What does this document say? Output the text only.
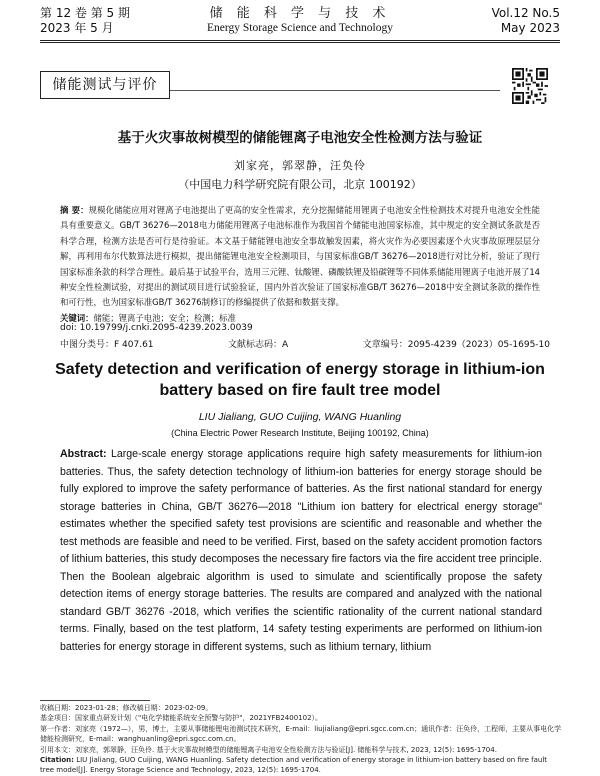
第 12 卷 第 5 期
2023 年 5 月
储 能 科 学 与 技 术
Energy Storage Science and Technology
Vol.12 No.5
May 2023
储能测试与评价
基于火灾事故树模型的储能锂离子电池安全性检测方法与验证
刘家亮，郭翠静，汪奂伶
（中国电力科学研究院有限公司，北京 100192）
摘 要：规模化储能应用对锂离子电池提出了更高的安全性需求，充分挖掘储能用锂离子电池安全性检测技术对提升电池安全性能具有重要意义。GB/T 36276—2018电力储能用锂离子电池标准作为我国首个储能电池国家标准，其中规定的安全测试条款是否科学合理，检测方法是否可行是待验证。本文基于储能锂电池安全事故触发因素，将火灾作为必要因素逐个火灾事故原理层层分解，再利用布尔代数算法进行模拟，提出储能锂电池安全检测项目，与国家标准GB/T 36276—2018进行对比分析，验证了现行国家标准条款的科学合理性。最后基于试验平台，选用三元锂、钛酸锂、磷酸铁锂及铅碳锂等不同体系储能用锂离子电池开展了14种安全性检测试验，对提出的测试项目进行试验验证，国内外首次验证了国家标准GB/T 36276—2018中安全测试条款的操作性和可行性，也为国家标准GB/T 36276制修订的修编提供了依据和数据支撑。
关键词：储能；锂离子电池；安全；检测；标准
doi: 10.19799/j.cnki.2095-4239.2023.0039
中图分类号：F 407.61	文献标志码：A	文章编号：2095-4239（2023）05-1695-10
Safety detection and verification of energy storage in lithium-ion battery based on fire fault tree model
LIU Jialiang, GUO Cuijing, WANG Huanling
(China Electric Power Research Institute, Beijing 100192, China)
Abstract: Large-scale energy storage applications require high safety measurements for lithium-ion batteries. Thus, the safety detection technology of lithium-ion batteries for energy storage should be fully explored to improve the safety performance of batteries. As the first national standard for energy storage batteries in China, GB/T 36276—2018 "Lithium ion battery for electrical energy storage" estimates whether the specified safety test provisions are scientific and reasonable and whether the test methods are feasible and need to be verified. First, based on the safety accident promotion factors of lithium batteries, this study decomposes the necessary fire factors via the fire accident tree principle. Then the Boolean algebraic algorithm is used to simulate and scientifically propose the safety detection items of energy storage batteries. The results are compared and analyzed with the national standard GB/T 36276 -2018, which verifies the scientific rationality of the current national standard terms. Finally, based on the test platform, 14 safety testing experiments are performed on lithium-ion batteries for energy storage in different systems, such as lithium ternary, lithium
收稿日期：2023-01-28；修改稿日期：2023-02-09。
基金项目：国家重点研发计划（"电化学储能系统安全预警与防护"，2021YFB2400102）。
第一作者：刘家亮（1972—），男，博士，主要从事储能锂电池测试技术研究，E-mail：liujialiang@epri.sgcc.com.cn；通讯作者：汪奂伶，工程师，主要从事电化学储能检测研究，E-mail：wanghuanling@epri.sgcc.com.cn。
引用本文：刘家亮，郭翠静，汪奂伶. 基于火灾事故树模型的储能锂离子电池安全性检测方法与验证[J]. 储能科学与技术, 2023, 12(5): 1695-1704.
Citation: LIU Jialiang, GUO Cuijing, WANG Huanling. Safety detection and verification of energy storage in lithium-ion battery based on fire fault tree model[J]. Energy Storage Science and Technology, 2023, 12(5): 1695-1704.
